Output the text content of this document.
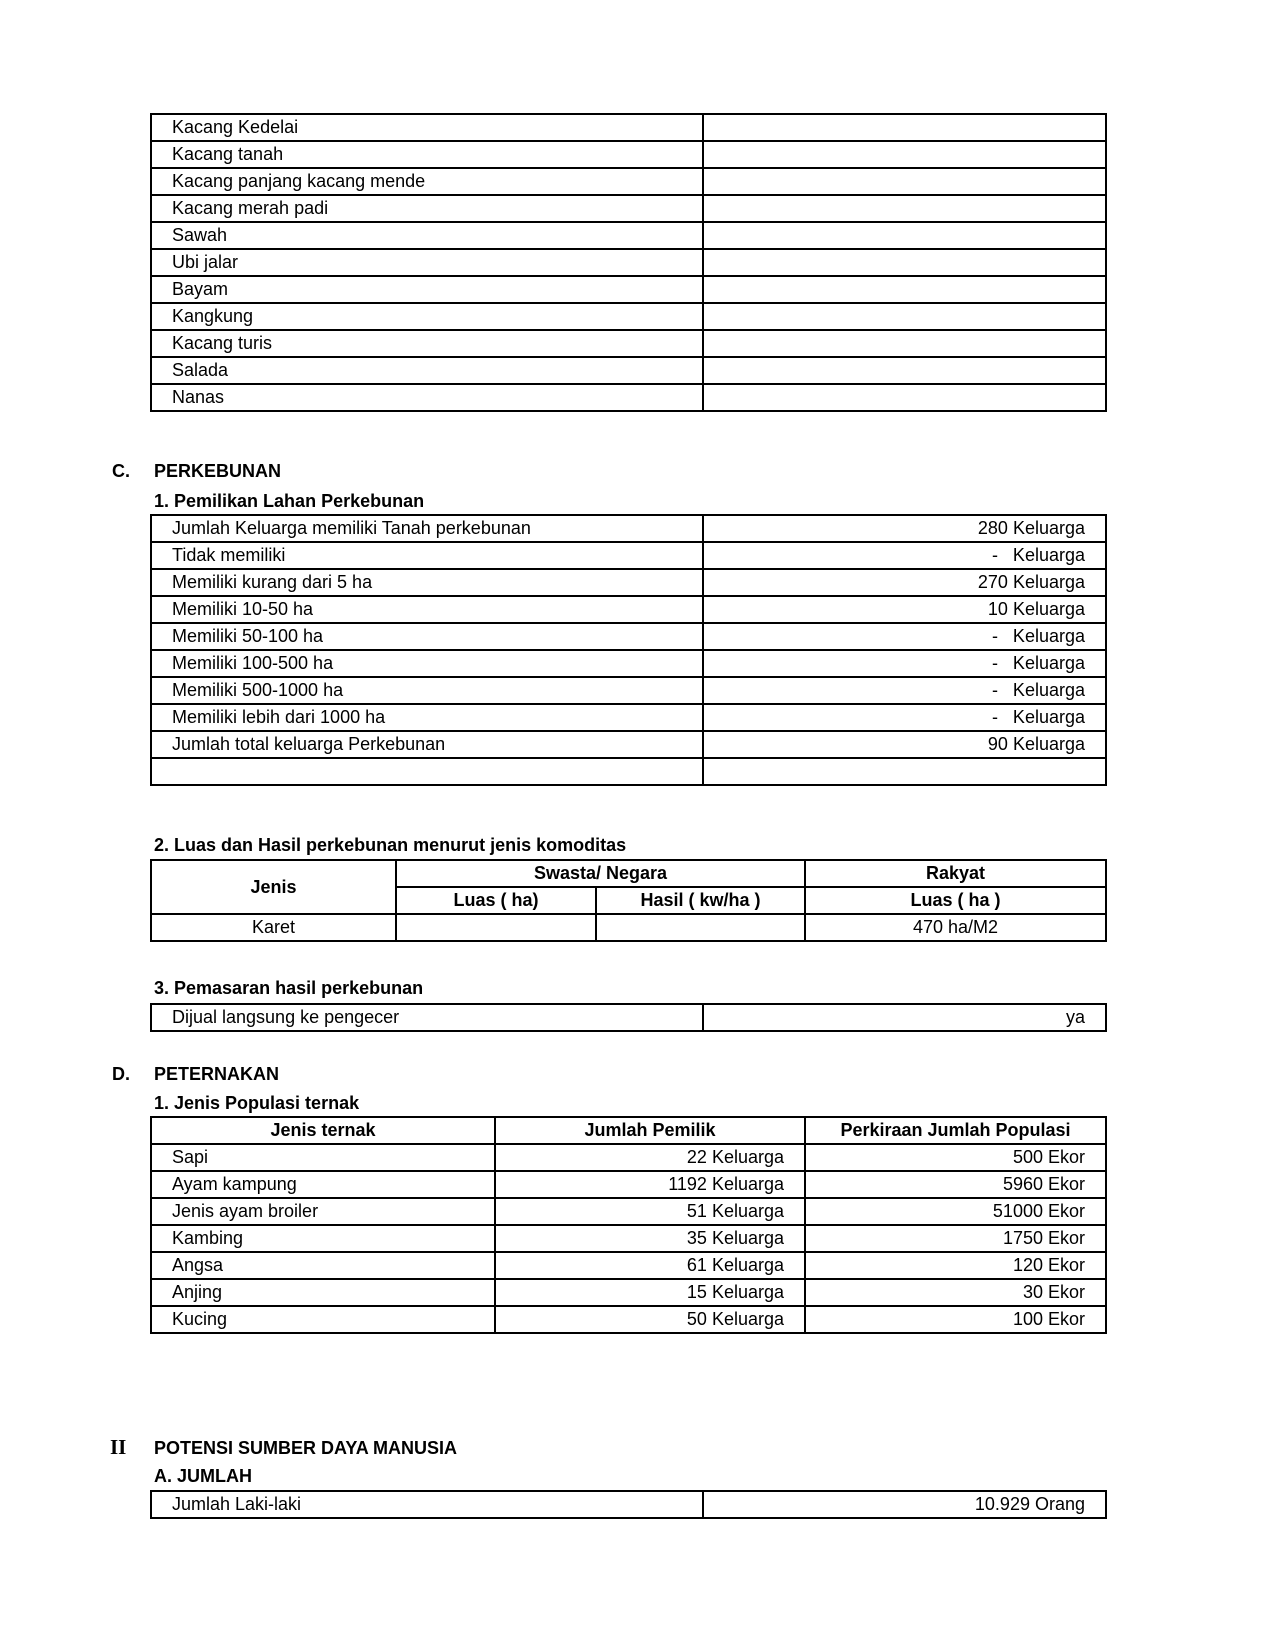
Kacang Kedelai	
Kacang tanah	
Kacang panjang kacang mende	
Kacang merah padi	
Sawah	
Ubi jalar	
Bayam	
Kangkung	
Kacang turis	
Salada	
Nanas	
C. PERKEBUNAN
1. Pemilikan Lahan Perkebunan
Jumlah Keluarga memiliki Tanah perkebunan	280 Keluarga
Tidak memiliki	-   Keluarga
Memiliki kurang dari 5 ha	270 Keluarga
Memiliki 10-50 ha	10 Keluarga
Memiliki 50-100 ha	-   Keluarga
Memiliki 100-500 ha	-   Keluarga
Memiliki 500-1000 ha	-   Keluarga
Memiliki lebih dari 1000 ha	-   Keluarga
Jumlah total keluarga Perkebunan	90 Keluarga

2. Luas dan Hasil perkebunan menurut jenis komoditas
Jenis	Swasta/ Negara		Rakyat
	Luas ( ha)	Hasil ( kw/ha )	Luas ( ha )
Karet			470 ha/M2
3. Pemasaran hasil perkebunan
Dijual langsung ke pengecer	ya
D. PETERNAKAN
1. Jenis Populasi ternak
Jenis ternak	Jumlah Pemilik	Perkiraan Jumlah Populasi
Sapi	22 Keluarga	500 Ekor
Ayam kampung	1192 Keluarga	5960 Ekor
Jenis ayam broiler	51 Keluarga	51000 Ekor
Kambing	35 Keluarga	1750 Ekor
Angsa	61 Keluarga	120 Ekor
Anjing	15 Keluarga	30 Ekor
Kucing	50 Keluarga	100 Ekor
II POTENSI SUMBER DAYA MANUSIA
A. JUMLAH
Jumlah Laki-laki	10.929 Orang
